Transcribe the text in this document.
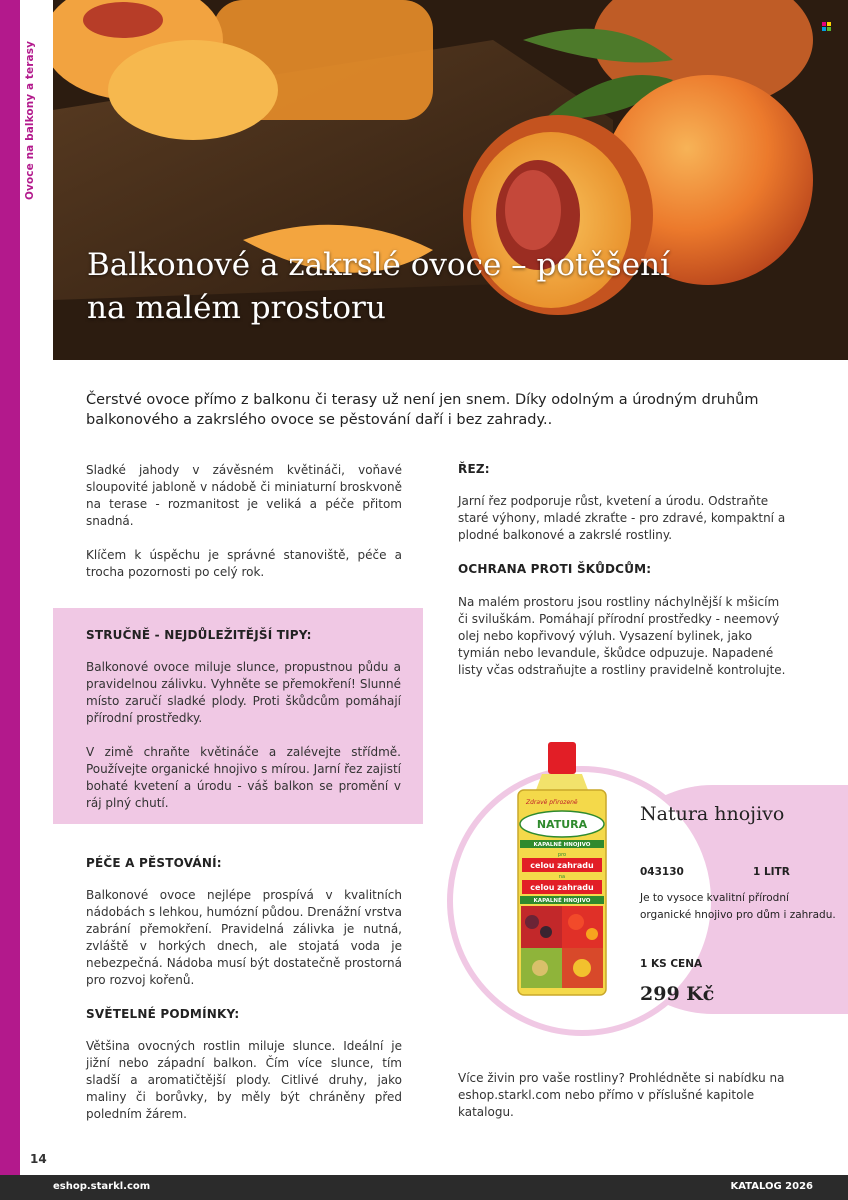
Ovoce na balkony a terasy
Balkonové a zakrslé ovoce – potěšení na malém prostoru
Čerstvé ovoce přímo z balkonu či terasy už není jen snem. Díky odolným a úrodným druhům balkonového a zakrslého ovoce se pěstování daří i bez zahrady..

Sladké jahody v závěsném květináči, voňavé sloupovité jabloně v nádobě či miniaturní broskvoně na terase - rozmanitost je veliká a péče přitom snadná.

Klíčem k úspěchu je správné stanoviště, péče a trocha pozornosti po celý rok.

STRUČNĚ - NEJDŮLEŽITĚJŠÍ TIPY:

Balkonové ovoce miluje slunce, propustnou půdu a pravidelnou zálivku. Vyhněte se přemokření! Slunné místo zaručí sladké plody. Proti škůdcům pomáhají přírodní prostředky.

V zimě chraňte květináče a zalévejte střídmě. Používejte organické hnojivo s mírou. Jarní řez zajistí bohaté kvetení a úrodu - váš balkon se promění v ráj plný chutí.

PÉČE A PĚSTOVÁNÍ:

Balkonové ovoce nejlépe prospívá v kvalitních nádobách s lehkou, humózní půdou. Drenážní vrstva zabrání přemokření. Pravidelná zálivka je nutná, zvláště v horkých dnech, ale stojatá voda je nebezpečná. Nádoba musí být dostatečně prostorná pro rozvoj kořenů.

SVĚTELNÉ PODMÍNKY:

Většina ovocných rostlin miluje slunce. Ideální je jižní nebo západní balkon. Čím více slunce, tím sladší a aromatičtější plody. Citlivé druhy, jako maliny či borůvky, by měly být chráněny před poledním žárem.

ŘEZ:

Jarní řez podporuje růst, kvetení a úrodu. Odstraňte staré výhony, mladé zkraťte - pro zdravé, kompaktní a plodné balkonové a zakrslé rostliny.

OCHRANA PROTI ŠKŮDCŮM:

Na malém prostoru jsou rostliny náchylnější k mšicím či sviluškám. Pomáhají přírodní prostředky - neemový olej nebo kopřivový výluh. Vysazení bylinek, jako tymián nebo levandule, škůdce odpuzuje. Napadené listy včas odstraňujte a rostliny pravidelně kontrolujte.

Zdravě přirozeně
NATURA
KAPALNÉ HNOJIVO
pro
celou zahradu
na
celou zahradu
KAPALNÉ HNOJIVO
Natura hnojivo
043130	1 LITR
Je to vysoce kvalitní přírodní organické hnojivo pro dům i zahradu.
1 KS CENA
299 Kč

Více živin pro vaše rostliny? Prohlédněte si nabídku na eshop.starkl.com nebo přímo v příslušné kapitole katalogu.

14
eshop.starkl.com	KATALOG 2026
